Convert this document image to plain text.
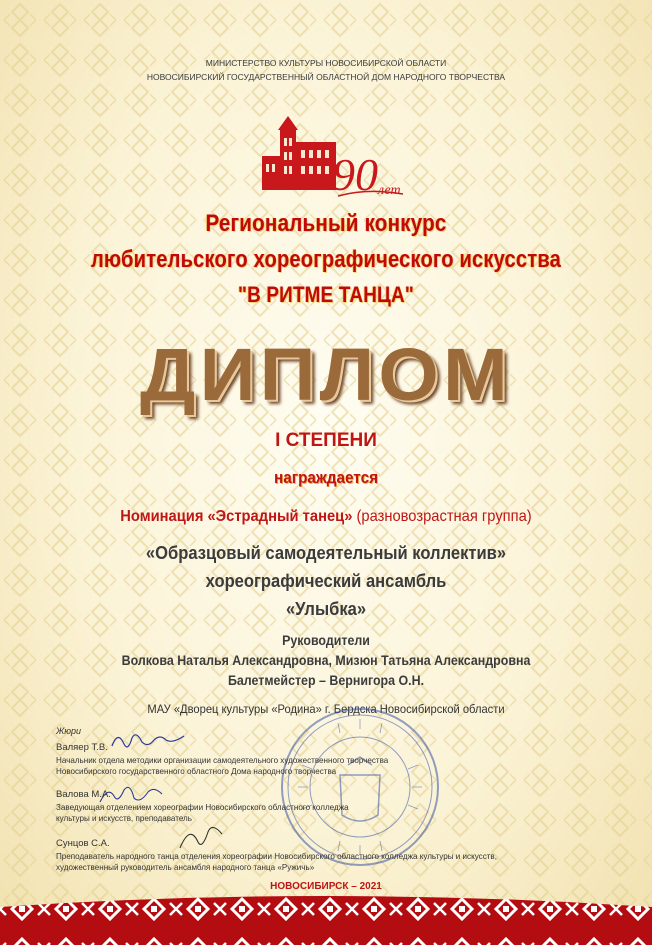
МИНИСТЕРСТВО КУЛЬТУРЫ НОВОСИБИРСКОЙ ОБЛАСТИ
НОВОСИБИРСКИЙ ГОСУДАРСТВЕННЫЙ ОБЛАСТНОЙ ДОМ НАРОДНОГО ТВОРЧЕСТВА
90 лет
Региональный конкурс
любительского хореографического искусства
"В РИТМЕ ТАНЦА"
ДИПЛОМ
I СТЕПЕНИ
награждается
Номинация «Эстрадный танец» (разновозрастная группа)
«Образцовый самодеятельный коллектив»
хореографический ансамбль
«Улыбка»
Руководители
Волкова Наталья Александровна, Мизюн Татьяна Александровна
Балетмейстер – Вернигора О.Н.
МАУ «Дворец культуры «Родина» г. Бердска Новосибирской области
Жюри
Валяер Т.В.
Начальник отдела методики организации самодеятельного художественного творчества
Новосибирского государственного областного Дома народного творчества
Валова М.А.
Заведующая отделением хореографии Новосибирского областного колледжа
культуры и искусств, преподаватель
Сунцов С.А.
Преподаватель народного танца отделения хореографии Новосибирского областного колледжа культуры и искусств,
художественный руководитель ансамбля народного танца «Ружичь»
НОВОСИБИРСК – 2021
